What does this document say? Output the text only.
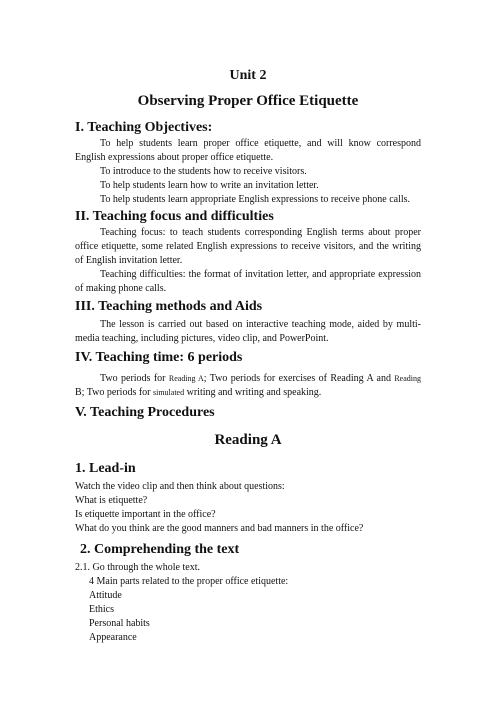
Unit 2
Observing Proper Office Etiquette
I. Teaching Objectives:
To help students learn proper office etiquette, and will know correspond English expressions about proper office etiquette.
To introduce to the students how to receive visitors.
To help students learn how to write an invitation letter.
To help students learn appropriate English expressions to receive phone calls.
II. Teaching focus and difficulties
Teaching focus: to teach students corresponding English terms about proper office etiquette, some related English expressions to receive visitors, and the writing of English invitation letter.
Teaching difficulties: the format of invitation letter, and appropriate expression of making phone calls.
III. Teaching methods and Aids
The lesson is carried out based on interactive teaching mode, aided by multi-media teaching, including pictures, video clip, and PowerPoint.
IV. Teaching time: 6 periods
Two periods for Reading A; Two periods for exercises of Reading A and Reading B; Two periods for simulated writing and writing and speaking.
V. Teaching Procedures
Reading A
1. Lead-in
Watch the video clip and then think about questions:
What is etiquette?
Is etiquette important in the office?
What do you think are the good manners and bad manners in the office?
2. Comprehending the text
2.1. Go through the whole text.
4 Main parts related to the proper office etiquette:
Attitude
Ethics
Personal habits
Appearance
